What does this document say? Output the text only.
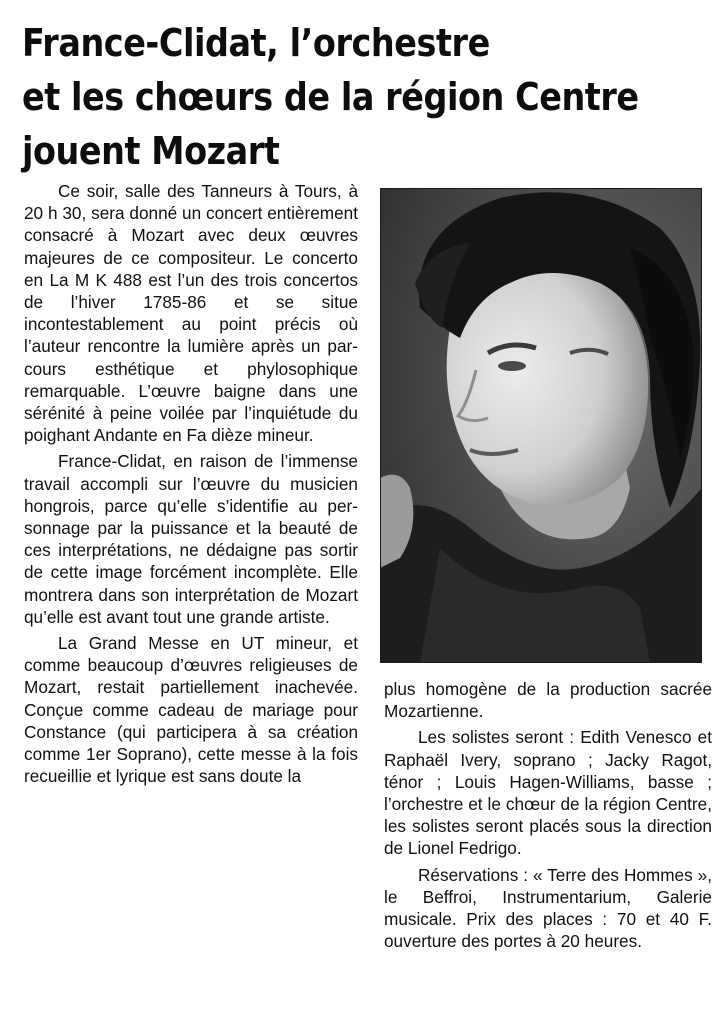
France-Clidat, l’orchestre
et les chœurs de la région Centre
jouent Mozart

Ce soir, salle des Tanneurs à Tours, à 20 h 30, sera donné un concert entièrement consacré à Mozart avec deux œuvres majeures de ce compositeur. Le concerto en La M K 488 est l’un des trois concertos de l’hiver 1785-86 et se situe incontestablement au point précis où l’auteur rencontre la lumière après un parcours esthétique et phylosophique remarquable. L’œuvre baigne dans une sérénité à peine voilée par l’inquiétude du poighant Andante en Fa dièze mineur.

France-Clidat, en raison de l’immense travail accompli sur l’œuvre du musicien hongrois, parce qu’elle s’identifie au personnage par la puissance et la beauté de ces interprétations, ne dédaigne pas sortir de cette image forcément incomplète. Elle montrera dans son interprétation de Mozart qu’elle est avant tout une grande artiste.

La Grand Messe en UT mineur, et comme beaucoup d’œuvres religieuses de Mozart, restait partiellement inachevée. Conçue comme cadeau de mariage pour Constance (qui participera à sa création comme 1er Soprano), cette messe à la fois recueillie et lyrique est sans doute la

plus homogène de la production sacrée Mozartienne.

Les solistes seront : Edith Venesco et Raphaël Ivery, soprano ; Jacky Ragot, ténor ; Louis Hagen-Williams, basse ; l’orchestre et le chœur de la région Centre, les solistes seront placés sous la direction de Lionel Fedrigo.

Réservations : « Terre des Hommes », le Beffroi, Instrumentarium, Galerie musicale. Prix des places : 70 et 40 F. ouverture des portes à 20 heures.
